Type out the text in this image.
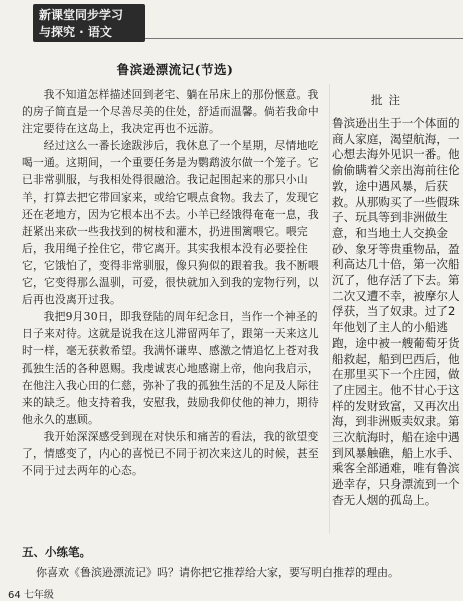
新课堂同步学习
与探究 · 语文
鲁滨逊漂流记(节选)

我不知道怎样描述回到老宅、躺在吊床上的那份惬意。我的房子简直是一个尽善尽美的住处，舒适而温馨。倘若我命中注定要待在这岛上，我决定再也不远游。

经过这么一番长途跋涉后，我休息了一个星期，尽情地吃喝一通。这期间，一个重要任务是为鹦鹉波尔做一个笼子。它已非常驯服，与我相处得很融洽。我记起围起来的那只小山羊，打算去把它带回家来，或给它喂点食物。我去了，发现它还在老地方，因为它根本出不去。小羊已经饿得奄奄一息，我赶紧出来砍一些我找到的树枝和灌木，扔进围篱喂它。喂完后，我用绳子拴住它，带它离开。其实我根本没有必要拴住它，它饿怕了，变得非常驯服，像只狗似的跟着我。我不断喂它，它变得那么温驯，可爱，很快就加入到我的宠物行列，以后再也没离开过我。

我把9月30日，即我登陆的周年纪念日，当作一个神圣的日子来对待。这就是说我在这儿滞留两年了，跟第一天来这儿时一样，毫无获救希望。我满怀谦卑、感激之情追忆上苍对我孤独生活的各种恩赐。我虔诚衷心地感谢上帝，他向我启示，在他注入我心田的仁慈，弥补了我的孤独生活的不足及人际往来的缺乏。他支持着我，安慰我，鼓励我仰仗他的神力，期待他永久的惠顾。

我开始深深感受到现在对快乐和痛苦的看法，我的欲望变了，情感变了，内心的喜悦已不同于初次来这儿的时候，甚至不同于过去两年的心态。

批注
鲁滨逊出生于一个体面的商人家庭，渴望航海，一心想去海外见识一番。他偷偷瞒着父亲出海前往伦敦，途中遇风暴，后获救。从那购买了一些假珠子、玩具等到非洲做生意，和当地土人交换金砂、象牙等贵重物品，盈利高达几十倍，第一次船沉了，他存活了下去。第二次又遭不幸，被摩尔人俘获，当了奴隶。过了2年他划了主人的小船逃跑，途中被一艘葡萄牙货船救起，船到巴西后，他在那里买下一个庄园，做了庄园主。他不甘心于这样的发财致富，又再次出海，到非洲贩卖奴隶。第三次航海时，船在途中遇到风暴触礁，船上水手、乘客全部通难，唯有鲁滨逊幸存，只身漂流到一个杳无人烟的孤岛上。
五、小练笔。
你喜欢《鲁滨逊漂流记》吗？请你把它推荐给大家，要写明白推荐的理由。
64 七年级
